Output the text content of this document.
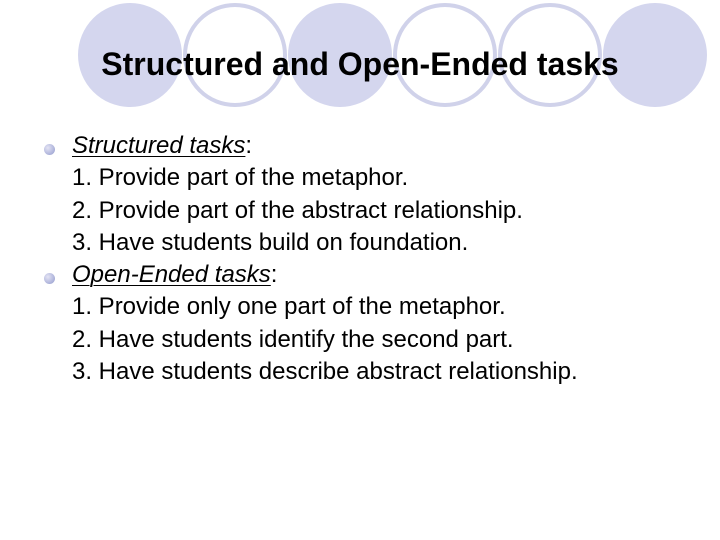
Structured and Open-Ended tasks
Structured tasks:
1. Provide part of the metaphor.
2. Provide part of the abstract relationship.
3. Have students build on foundation.
Open-Ended tasks:
1. Provide only one part of the metaphor.
2. Have students identify the second part.
3. Have students describe abstract relationship.
